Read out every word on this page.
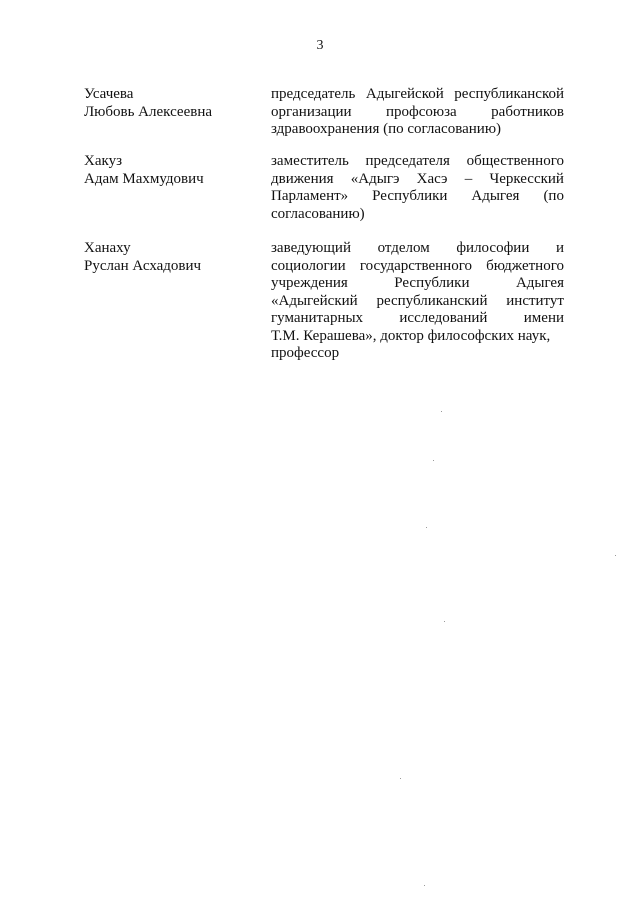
3
Усачева
Любовь Алексеевна
председатель Адыгейской республиканской
организации профсоюза работников
здравоохранения (по согласованию)
Хакуз
Адам Махмудович
заместитель председателя общественного
движения «Адыгэ Хасэ – Черкесский
Парламент» Республики Адыгея (по
согласованию)
Ханаху
Руслан Асхадович
заведующий отделом философии и
социологии государственного бюджетного
учреждения	Республики	Адыгея
«Адыгейский республиканский институт
гуманитарных исследований имени
Т.М. Керашева», доктор философских наук,
профессор
